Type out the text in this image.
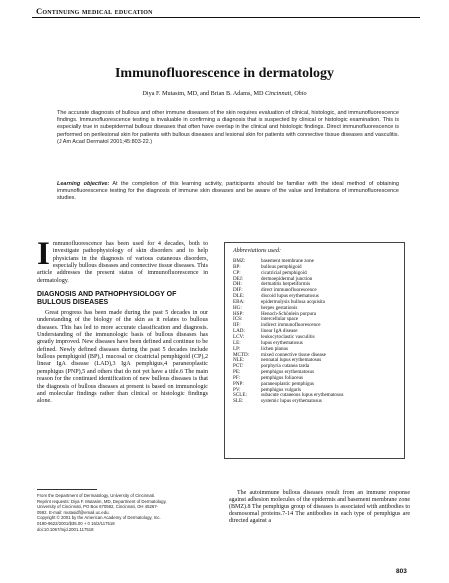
Continuing medical education
Immunofluorescence in dermatology
Diya F. Mutasim, MD, and Brian B. Adams, MD Cincinnati, Ohio
The accurate diagnosis of bullous and other immune diseases of the skin requires evaluation of clinical, histologic, and immunofluorescence findings. Immunofluorescence testing is invaluable in confirming a diagnosis that is suspected by clinical or histologic examination. This is especially true in subepidermal bullous diseases that often have overlap in the clinical and histologic findings. Direct immunofluorescence is performed on perilesional skin for patients with bullous diseases and lesional skin for patients with connective tissue diseases and vasculitis. (J Am Acad Dermatol 2001;45:803-22.)
Learning objective: At the completion of this learning activity, participants should be familiar with the ideal method of obtaining immunofluorescence testing for the diagnosis of immune skin diseases and be aware of the value and limitations of immunofluorescence studies.

Immunofluorescence has been used for 4 decades, both to investigate pathophysiology of skin disorders and to help physicians in the diagnosis of various cutaneous disorders, especially bullous diseases and connective tissue diseases. This article addresses the present status of immunofluorescence in dermatology.

DIAGNOSIS AND PATHOPHYSIOLOGY OF BULLOUS DISEASES

Great progress has been made during the past 5 decades in our understanding of the biology of the skin as it relates to bullous diseases. This has led to more accurate classification and diagnosis. Understanding of the immunologic basis of bullous diseases has greatly improved. New diseases have been defined and continue to be defined. Newly defined diseases during the past 5 decades include bullous pemphigoid (BP),1 mucosal or cicatricial pemphigoid (CP),2 linear IgA disease (LAD),3 IgA pemphigus,4 paraneoplastic pemphigus (PNP),5 and others that do not yet have a title.6 The main reason for the continued identification of new bullous diseases is that the diagnosis of bullous diseases at present is based on immunologic and molecular findings rather than clinical or histologic findings alone.

Abbreviations used:
BMZ:	basement membrane zone
BP:	bullous pemphigoid
CP:	cicatricial pemphigoid
DEJ:	dermoepidermal junction
DH:	dermatitis herpetiformis
DIF:	direct immunofluorescence
DLE:	discoid lupus erythematosus
EBA:	epidermolysis bullosa acquisita
HG:	herpes gestationis
HSP:	Henoch-Schönlein purpura
ICS:	intercellular space
IIF:	indirect immunofluorescence
LAD:	linear IgA disease
LCV:	leukocytoclastic vasculitis
LE:	lupus erythematosus
LP:	lichen planus
MCTD:	mixed connective tissue disease
NLE:	neonatal lupus erythematosus
PCT:	porphyria cutanea tarda
PE:	pemphigus erythematosus
PF:	pemphigus foliaceus
PNP:	paraneoplastic pemphigus
PV:	pemphigus vulgaris
SCLE:	subacute cutaneous lupus erythematosus
SLE:	systemic lupus erythematosus
From the Department of Dermatology, University of Cincinnati.
Reprint requests: Diya F. Mutasim, MD, Department of Dermatology,
University of Cincinnati, PO Box 670592, Cincinnati, OH 45267-
0592. E-mail: mutasidf@email.uc.edu.
Copyright © 2001 by the American Academy of Dermatology, Inc.
0190-9622/2001/$35.00 + 0 16/2/117518
doi:10.1067/mjd.2001.117518
The autoimmune bullous diseases result from an immune response against adhesion molecules of the epidermis and basement membrane zone (BMZ).8 The pemphigus group of diseases is associated with antibodies to desmosomal proteins.7-14 The antibodies in each type of pemphigus are directed against a
803
